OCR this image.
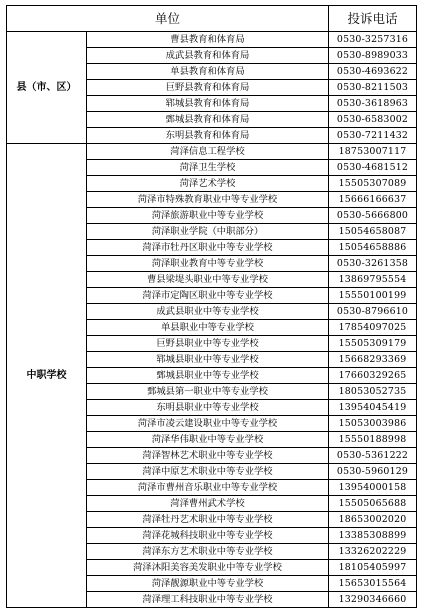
单位		投诉电话
	曹县教育和体育局	0530-3257316
	成武县教育和体育局	0530-8989033
	单县教育和体育局	0530-4693622
县（市、区）	巨野县教育和体育局	0530-8211503
	郓城县教育和体育局	0530-3618963
	鄄城县教育和体育局	0530-6583002
	东明县教育和体育局	0530-7211432
	菏泽信息工程学校	18753007117
	菏泽卫生学校	0530-4681512
	菏泽艺术学校	15505307089
	菏泽市特殊教育职业中等专业学校	15666166637
	菏泽旅游职业中等专业学校	0530-5666800
	菏泽职业学院（中职部分）	15054658087
	菏泽市牡丹区职业中等专业学校	15054658886
	菏泽职业教育中等专业学校	0530-3261358
	曹县梁堤头职业中等专业学校	13869795554
	菏泽市定陶区职业中等专业学校	15550100199
	成武县职业中等专业学校	0530-8796610
	单县职业中等专业学校	17854097025
	巨野县职业中等专业学校	15505309179
	郓城县职业中等专业学校	15668293369
中职学校	鄄城县职业中等专业学校	17660329265
	鄄城县第一职业中等专业学校	18053052735
	东明县职业中等专业学校	13954045419
	菏泽市凌云建设职业中等专业学校	15053003986
	菏泽华伟职业中等专业学校	15550188998
	菏泽智林艺术职业中等专业学校	0530-5361222
	菏泽中原艺术职业中等专业学校	0530-5960129
	菏泽市曹州音乐职业中等专业学校	13954000158
	菏泽曹州武术学校	15505065688
	菏泽牡丹艺术职业中等专业学校	18653002020
	菏泽花城科技职业中等专业学校	13385308899
	菏泽东方艺术职业中等专业学校	13326202229
	菏泽沐阳美容美发职业中等专业学校	18105405997
	菏泽靓源职业中等专业学校	15653015564
	菏泽理工科技职业中等专业学校	13290346660
